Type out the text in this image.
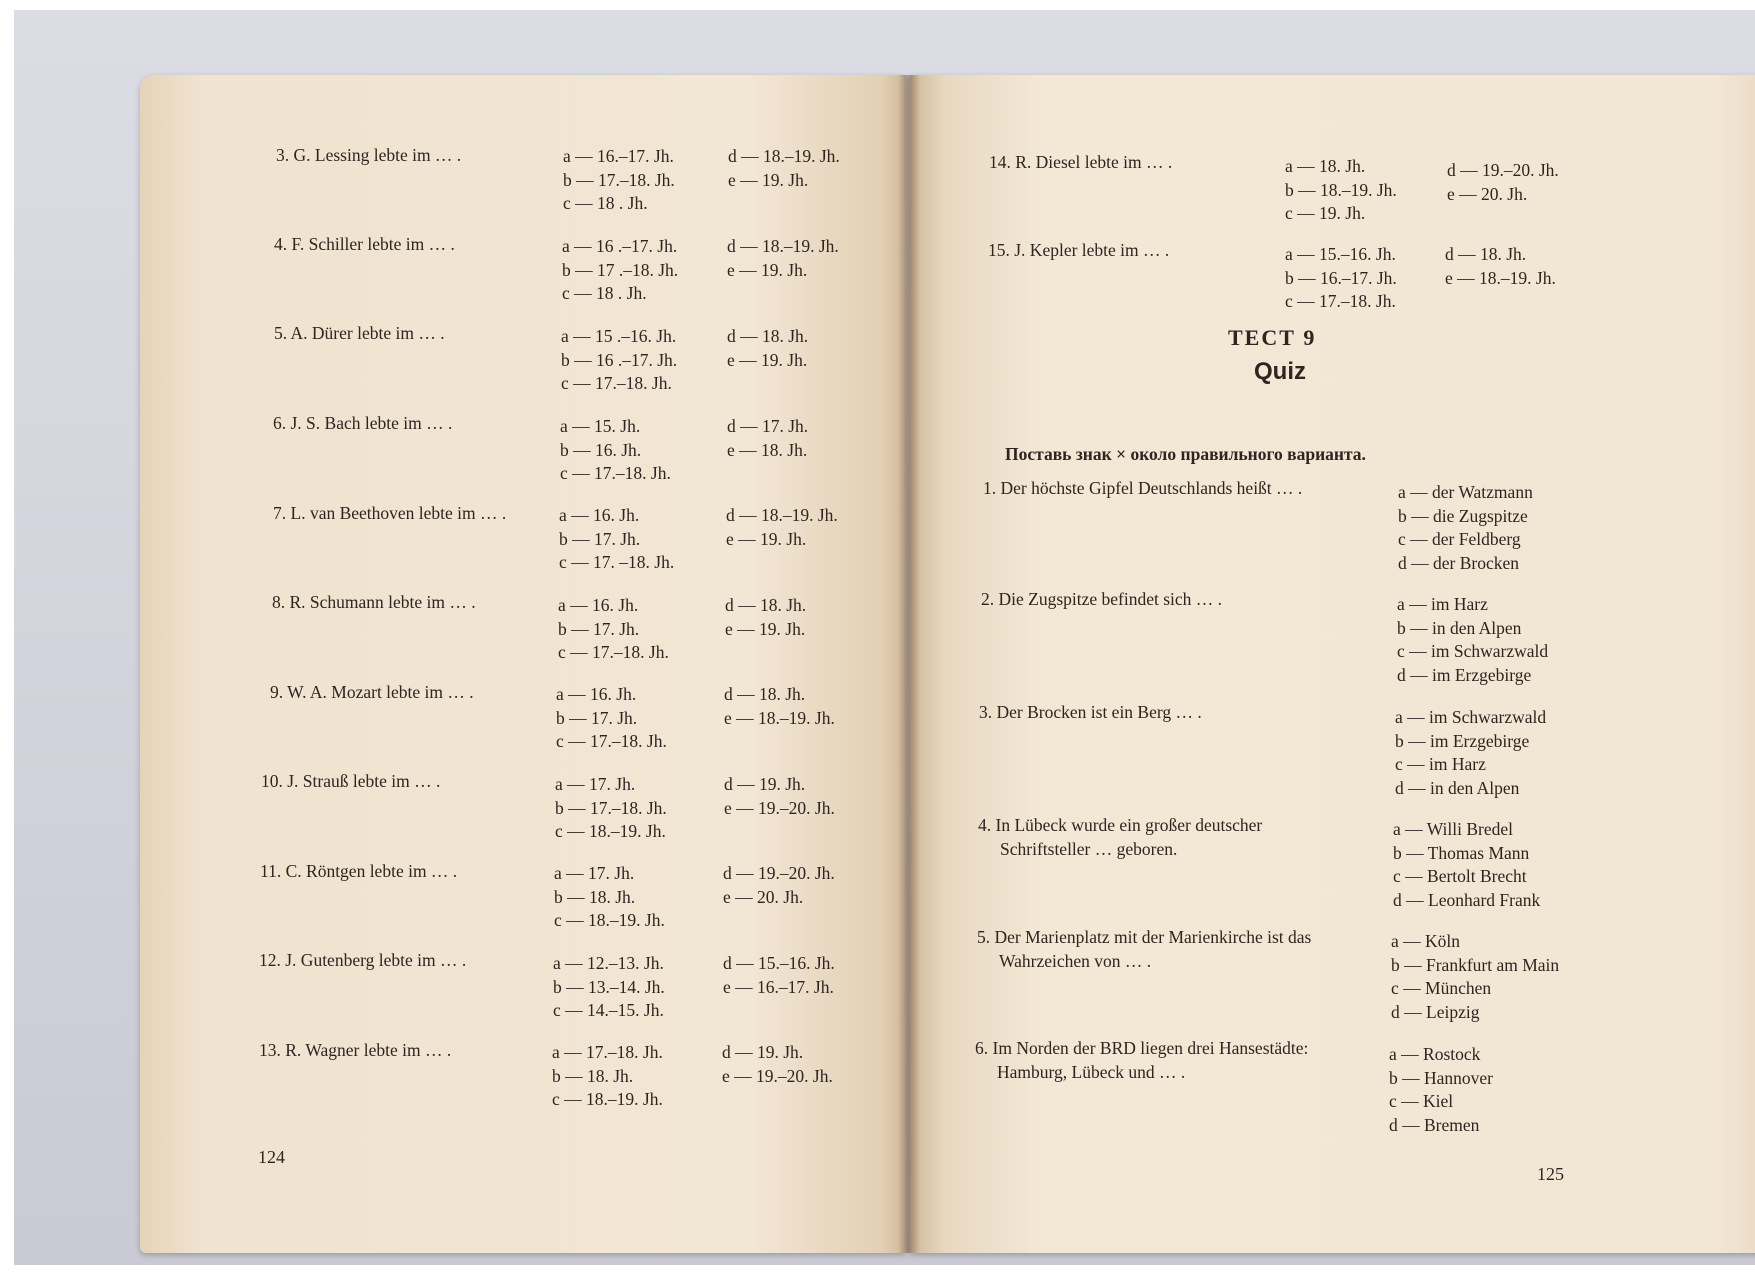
3. G. Lessing lebte im … .	a — 16.–17. Jh.
b — 17.–18. Jh.
c — 18 . Jh.
d — 18.–19. Jh.
e — 19. Jh.
4. F. Schiller lebte im … .	a — 16 .–17. Jh.
b — 17 .–18. Jh.
c — 18 . Jh.
d — 18.–19. Jh.
e — 19. Jh.
5. A. Dürer lebte im … .	a — 15 .–16. Jh.
b — 16 .–17. Jh.
c — 17.–18. Jh.
d — 18. Jh.
e — 19. Jh.
6. J. S. Bach lebte im … .	a — 15. Jh.
b — 16. Jh.
c — 17.–18. Jh.
d — 17. Jh.
e — 18. Jh.
7. L. van Beethoven lebte im … .	a — 16. Jh.
b — 17. Jh.
c — 17. –18. Jh.
d — 18.–19. Jh.
e — 19. Jh.
8. R. Schumann lebte im … .	a — 16. Jh.
b — 17. Jh.
c — 17.–18. Jh.
d — 18. Jh.
e — 19. Jh.
9. W. A. Mozart lebte im … .	a — 16. Jh.
b — 17. Jh.
c — 17.–18. Jh.
d — 18. Jh.
e — 18.–19. Jh.
10. J. Strauß lebte im … .	a — 17. Jh.
b — 17.–18. Jh.
c — 18.–19. Jh.
d — 19. Jh.
e — 19.–20. Jh.
11. C. Röntgen lebte im … .	a — 17. Jh.
b — 18. Jh.
c — 18.–19. Jh.
d — 19.–20. Jh.
e — 20. Jh.
12. J. Gutenberg lebte im … .	a — 12.–13. Jh.
b — 13.–14. Jh.
c — 14.–15. Jh.
d — 15.–16. Jh.
e — 16.–17. Jh.
13. R. Wagner lebte im … .	a — 17.–18. Jh.
b — 18. Jh.
c — 18.–19. Jh.
d — 19. Jh.
e — 19.–20. Jh.
124
14. R. Diesel lebte im … .	a — 18. Jh.
b — 18.–19. Jh.
c — 19. Jh.
d — 19.–20. Jh.
e — 20. Jh.
15. J. Kepler lebte im … .	a — 15.–16. Jh.
b — 16.–17. Jh.
c — 17.–18. Jh.
d — 18. Jh.
e — 18.–19. Jh.
ТЕСТ 9
Quiz
Поставь знак × около правильного варианта.
1. Der höchste Gipfel Deutschlands heißt … .	a — der Watzmann
b — die Zugspitze
c — der Feldberg
d — der Brocken
2. Die Zugspitze befindet sich … .	a — im Harz
b — in den Alpen
c — im Schwarzwald
d — im Erzgebirge
3. Der Brocken ist ein Berg … .	a — im Schwarzwald
b — im Erzgebirge
c — im Harz
d — in den Alpen
4. In Lübeck wurde ein großer deutscher
Schriftsteller … geboren.
a — Willi Bredel
b — Thomas Mann
c — Bertolt Brecht
d — Leonhard Frank
5. Der Marienplatz mit der Marienkirche ist das
Wahrzeichen von … .
a — Köln
b — Frankfurt am Main
c — München
d — Leipzig
6. Im Norden der BRD liegen drei Hansestädte:
Hamburg, Lübeck und … .
a — Rostock
b — Hannover
c — Kiel
d — Bremen
125
